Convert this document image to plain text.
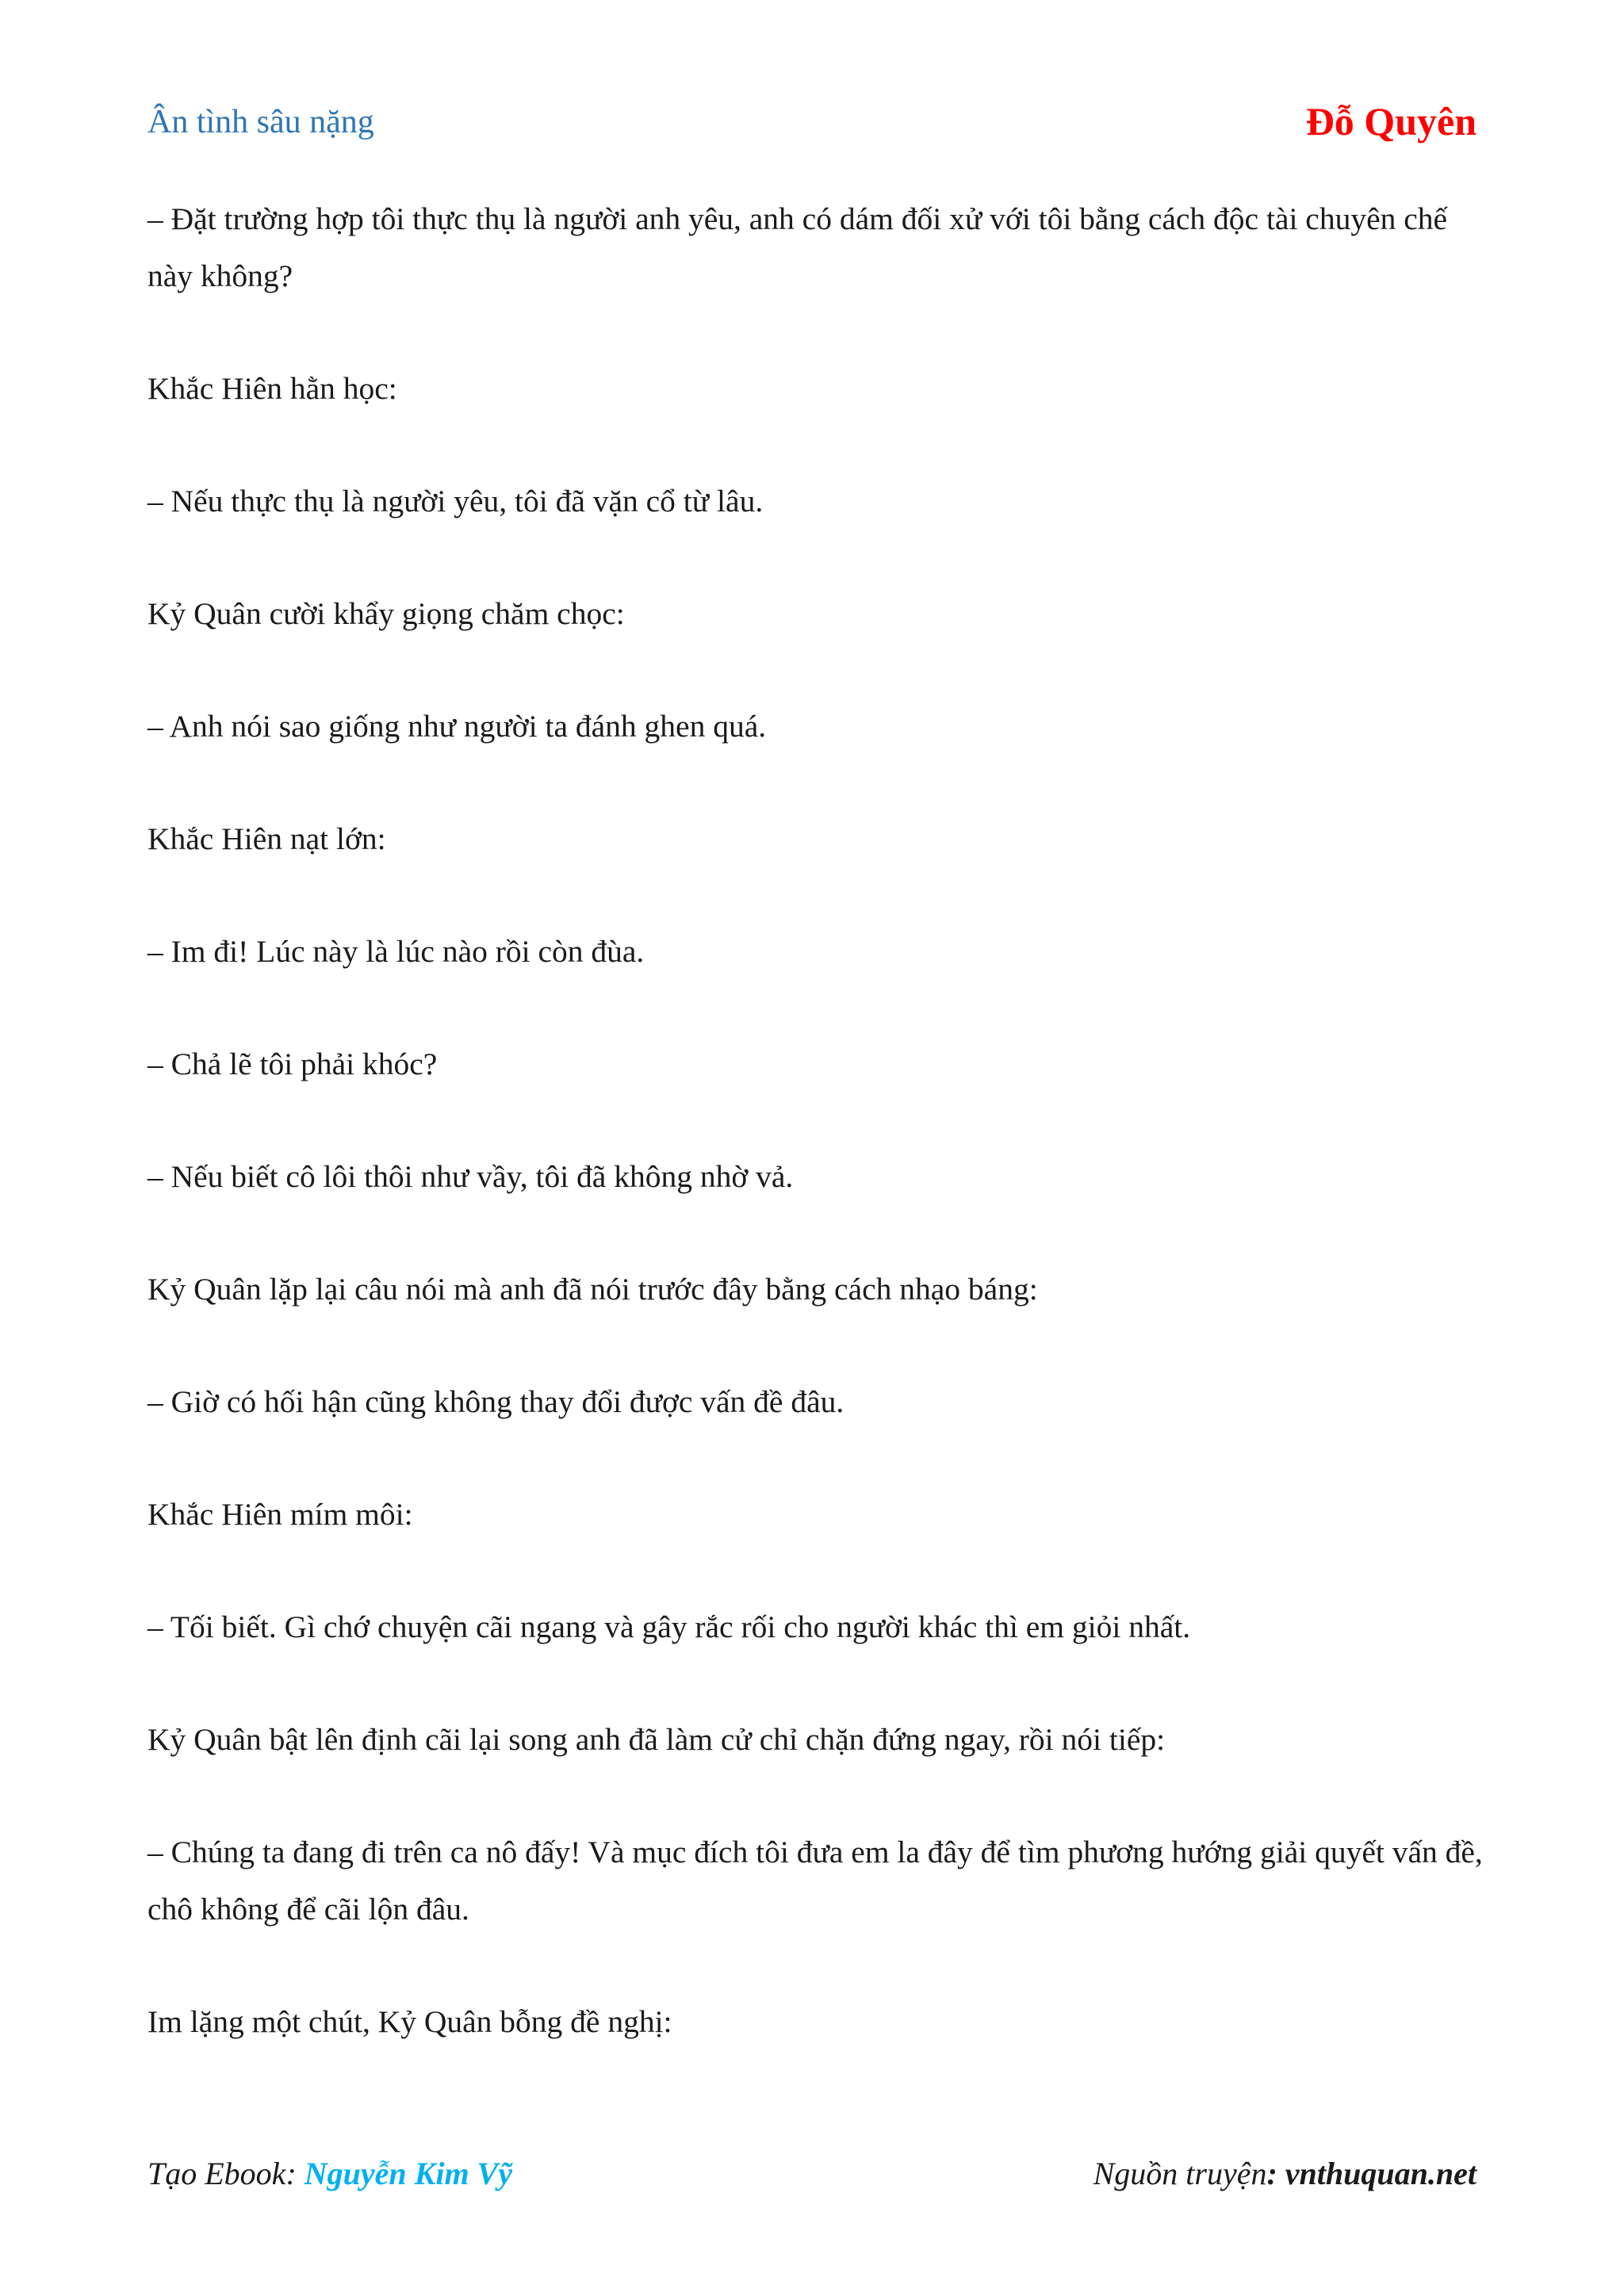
Ân tình sâu nặng	Đỗ Quyên

– Đặt trường hợp tôi thực thụ là người anh yêu, anh có dám đối xử với tôi bằng cách độc tài chuyên chế này không?

Khắc Hiên hằn học:

– Nếu thực thụ là người yêu, tôi đã vặn cổ từ lâu.

Kỷ Quân cười khẩy giọng chăm chọc:

– Anh nói sao giống như người ta đánh ghen quá.

Khắc Hiên nạt lớn:

– Im đi! Lúc này là lúc nào rồi còn đùa.

– Chả lẽ tôi phải khóc?

– Nếu biết cô lôi thôi như vầy, tôi đã không nhờ vả.

Kỷ Quân lặp lại câu nói mà anh đã nói trước đây bằng cách nhạo báng:

– Giờ có hối hận cũng không thay đổi được vấn đề đâu.

Khắc Hiên mím môi:

– Tối biết. Gì chớ chuyện cãi ngang và gây rắc rối cho người khác thì em giỏi nhất.

Kỷ Quân bật lên định cãi lại song anh đã làm cử chỉ chặn đứng ngay, rồi nói tiếp:

– Chúng ta đang đi trên ca nô đấy! Và mục đích tôi đưa em la đây để tìm phương hướng giải quyết vấn đề, chô không để cãi lộn đâu.

Im lặng một chút, Kỷ Quân bỗng đề nghị:

Tạo Ebook: Nguyễn Kim Vỹ	Nguồn truyện: vnthuquan.net
